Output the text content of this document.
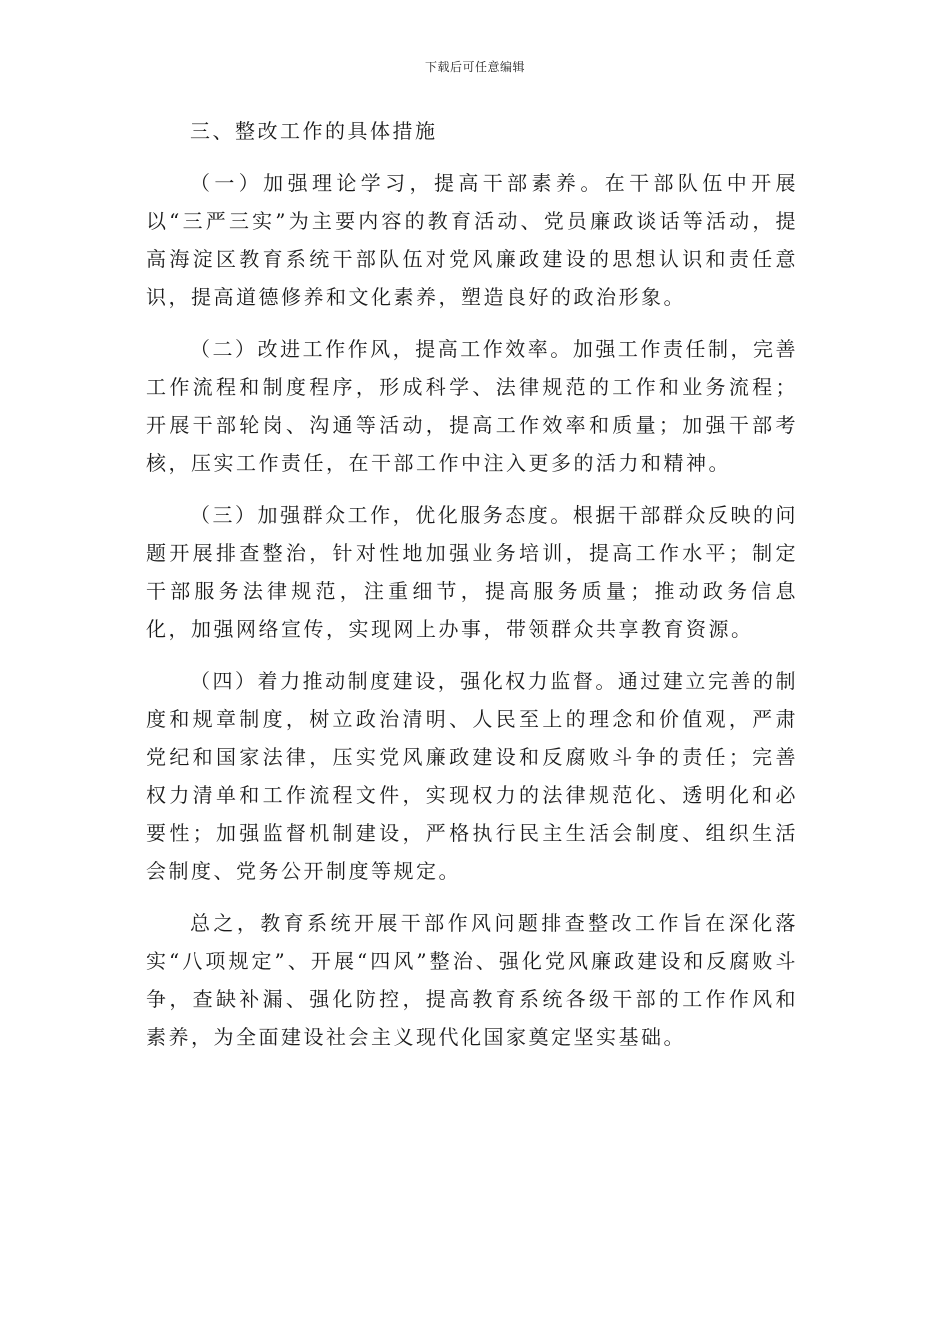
下载后可任意编辑
三、整改工作的具体措施

（一）加强理论学习，提高干部素养。在干部队伍中开展以“三严三实”为主要内容的教育活动、党员廉政谈话等活动，提高海淀区教育系统干部队伍对党风廉政建设的思想认识和责任意识，提高道德修养和文化素养，塑造良好的政治形象。

（二）改进工作作风，提高工作效率。加强工作责任制，完善工作流程和制度程序，形成科学、法律规范的工作和业务流程；开展干部轮岗、沟通等活动，提高工作效率和质量；加强干部考核，压实工作责任，在干部工作中注入更多的活力和精神。

（三）加强群众工作，优化服务态度。根据干部群众反映的问题开展排查整治，针对性地加强业务培训，提高工作水平；制定干部服务法律规范，注重细节，提高服务质量；推动政务信息化，加强网络宣传，实现网上办事，带领群众共享教育资源。

（四）着力推动制度建设，强化权力监督。通过建立完善的制度和规章制度，树立政治清明、人民至上的理念和价值观，严肃党纪和国家法律，压实党风廉政建设和反腐败斗争的责任；完善权力清单和工作流程文件，实现权力的法律规范化、透明化和必要性；加强监督机制建设，严格执行民主生活会制度、组织生活会制度、党务公开制度等规定。

总之，教育系统开展干部作风问题排查整改工作旨在深化落实“八项规定”、开展“四风”整治、强化党风廉政建设和反腐败斗争，查缺补漏、强化防控，提高教育系统各级干部的工作作风和素养，为全面建设社会主义现代化国家奠定坚实基础。
